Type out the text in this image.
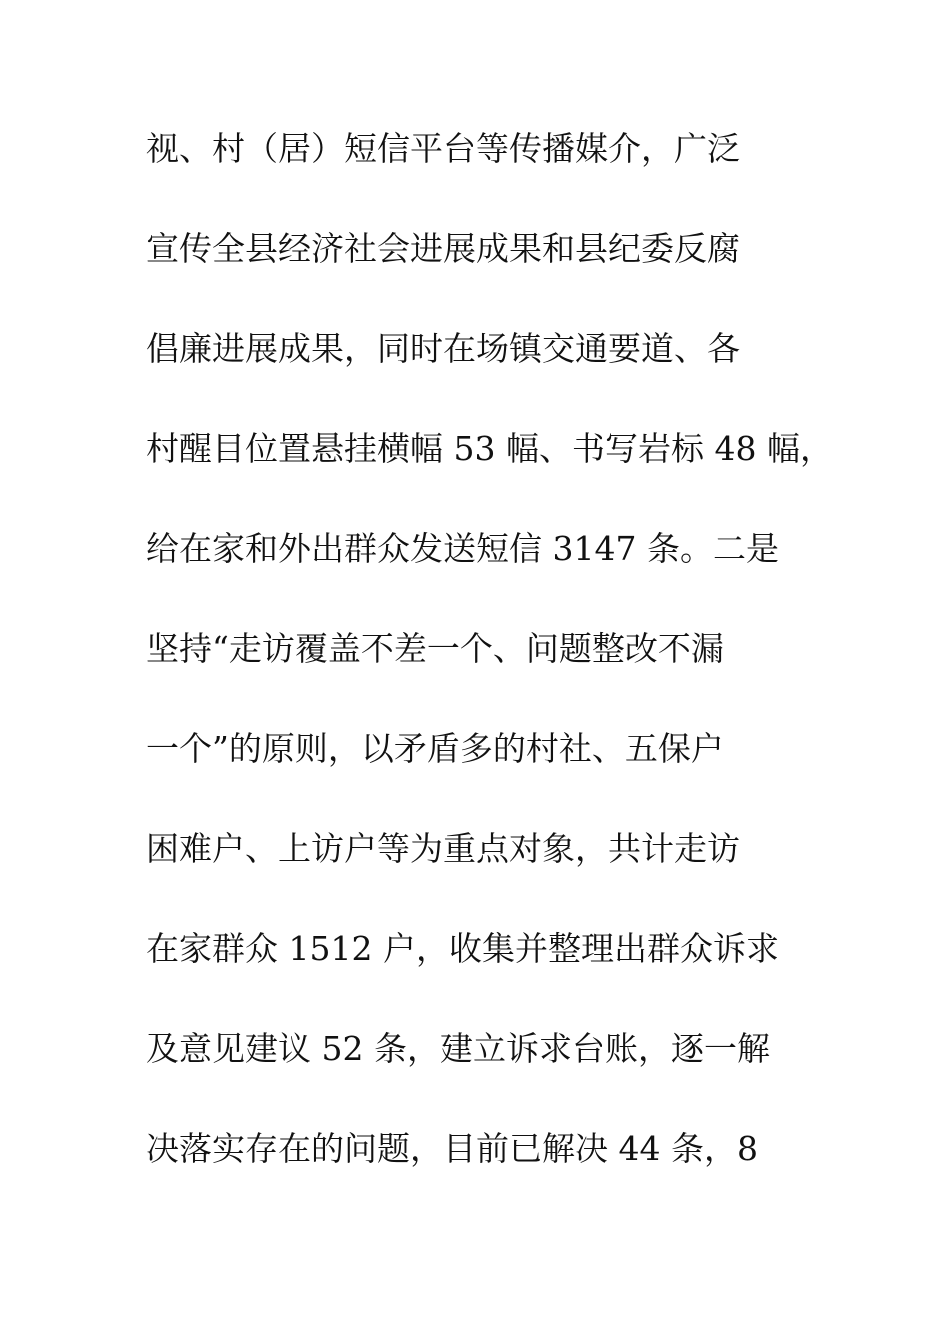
视、村（居）短信平台等传播媒介，广泛
宣传全县经济社会进展成果和县纪委反腐
倡廉进展成果，同时在场镇交通要道、各
村醒目位置悬挂横幅 53 幅、书写岩标 48 幅，
给在家和外出群众发送短信 3147 条。二是
坚持“走访覆盖不差一个、问题整改不漏
一个”的原则，以矛盾多的村社、五保户
困难户、上访户等为重点对象，共计走访
在家群众 1512 户，收集并整理出群众诉求
及意见建议 52 条，建立诉求台账，逐一解
决落实存在的问题，目前已解决 44 条，8
